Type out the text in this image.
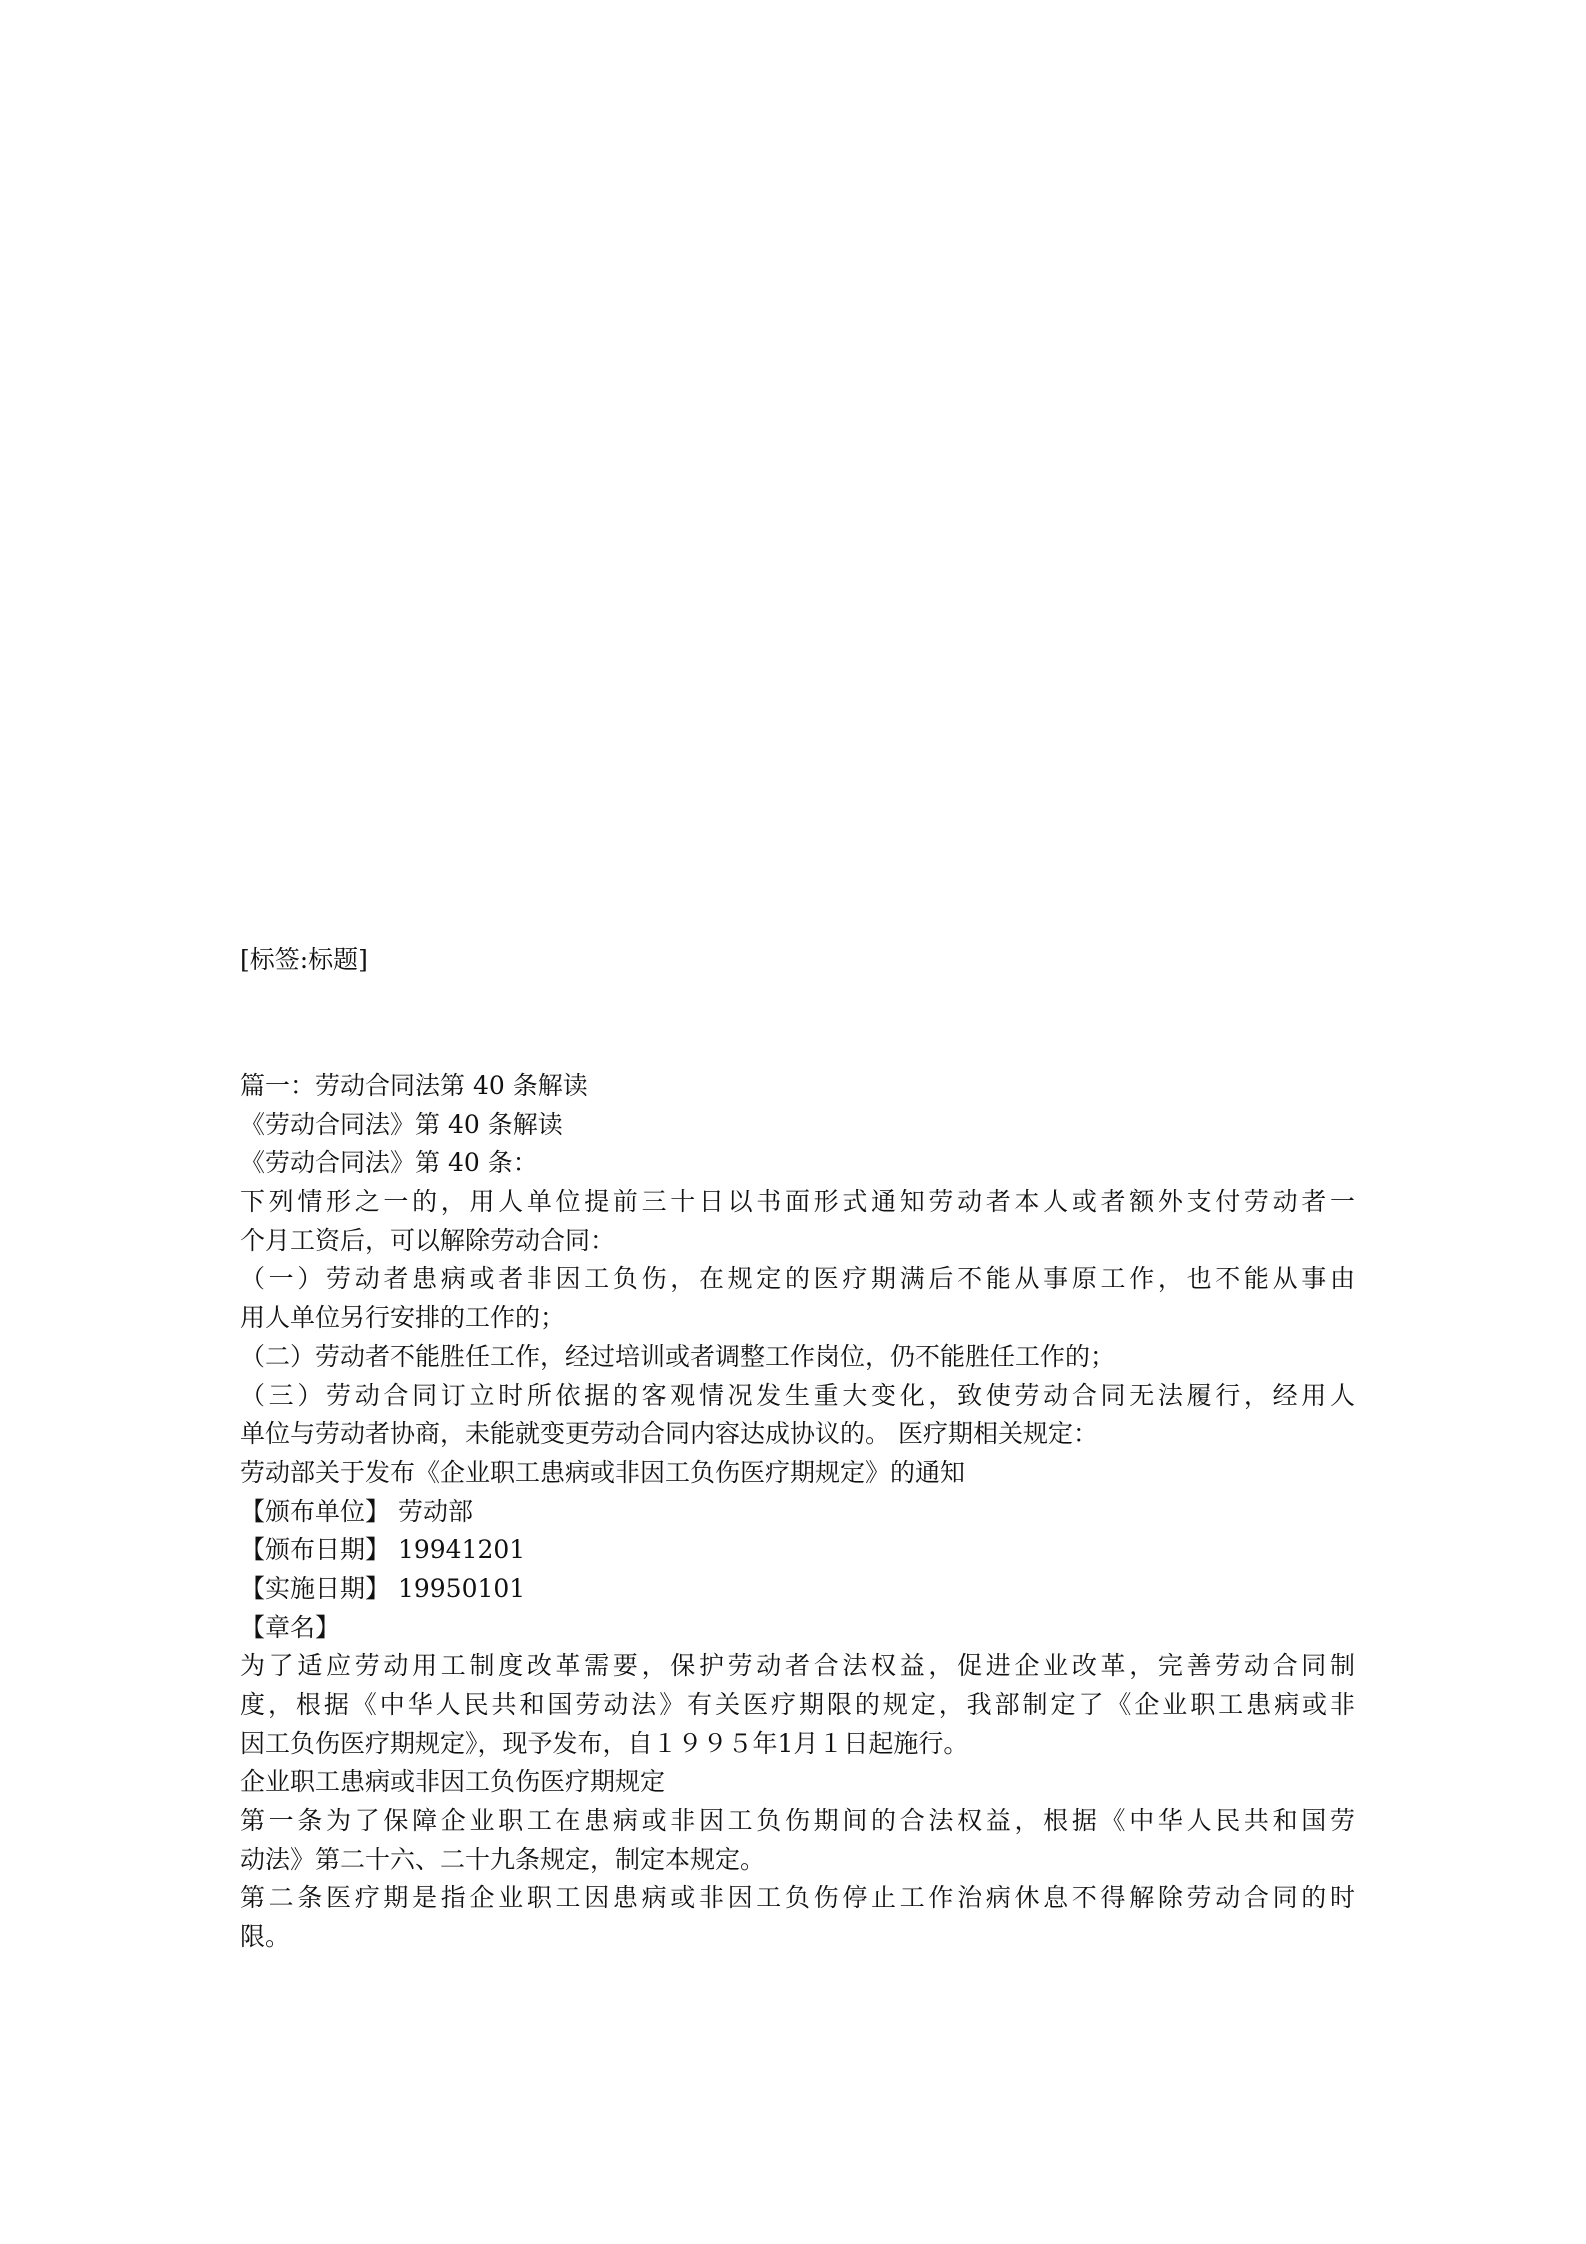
[标签:标题]
篇一：劳动合同法第 40 条解读
《劳动合同法》第 40 条解读
《劳动合同法》第 40 条：
下列情形之一的，用人单位提前三十日以书面形式通知劳动者本人或者额外支付劳动者一
个月工资后，可以解除劳动合同：
（一）劳动者患病或者非因工负伤，在规定的医疗期满后不能从事原工作，也不能从事由
用人单位另行安排的工作的；
（二）劳动者不能胜任工作，经过培训或者调整工作岗位，仍不能胜任工作的；
（三）劳动合同订立时所依据的客观情况发生重大变化，致使劳动合同无法履行，经用人
单位与劳动者协商，未能就变更劳动合同内容达成协议的。 医疗期相关规定：
劳动部关于发布《企业职工患病或非因工负伤医疗期规定》的通知
【颁布单位】 劳动部
【颁布日期】 19941201
【实施日期】 19950101
【章名】
为了适应劳动用工制度改革需要，保护劳动者合法权益，促进企业改革，完善劳动合同制
度，根据《中华人民共和国劳动法》有关医疗期限的规定，我部制定了《企业职工患病或非
因工负伤医疗期规定》，现予发布，自１９９５年1月１日起施行。
企业职工患病或非因工负伤医疗期规定
第一条为了保障企业职工在患病或非因工负伤期间的合法权益，根据《中华人民共和国劳
动法》第二十六、二十九条规定，制定本规定。
第二条医疗期是指企业职工因患病或非因工负伤停止工作治病休息不得解除劳动合同的时
限。
